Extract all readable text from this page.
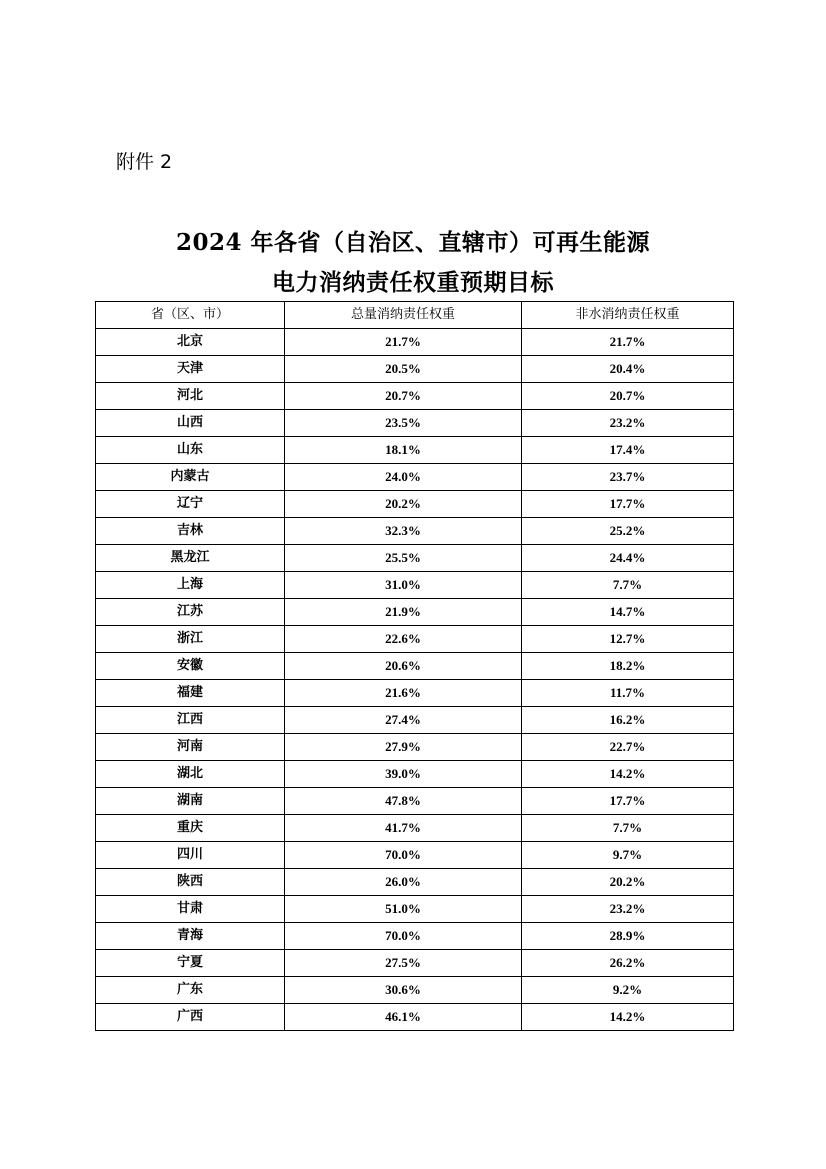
附件 2

2024 年各省（自治区、直辖市）可再生能源
电力消纳责任权重预期目标
省（区、市）	总量消纳责任权重	非水消纳责任权重
北京	21.7%	21.7%
天津	20.5%	20.4%
河北	20.7%	20.7%
山西	23.5%	23.2%
山东	18.1%	17.4%
内蒙古	24.0%	23.7%
辽宁	20.2%	17.7%
吉林	32.3%	25.2%
黑龙江	25.5%	24.4%
上海	31.0%	7.7%
江苏	21.9%	14.7%
浙江	22.6%	12.7%
安徽	20.6%	18.2%
福建	21.6%	11.7%
江西	27.4%	16.2%
河南	27.9%	22.7%
湖北	39.0%	14.2%
湖南	47.8%	17.7%
重庆	41.7%	7.7%
四川	70.0%	9.7%
陕西	26.0%	20.2%
甘肃	51.0%	23.2%
青海	70.0%	28.9%
宁夏	27.5%	26.2%
广东	30.6%	9.2%
广西	46.1%	14.2%
